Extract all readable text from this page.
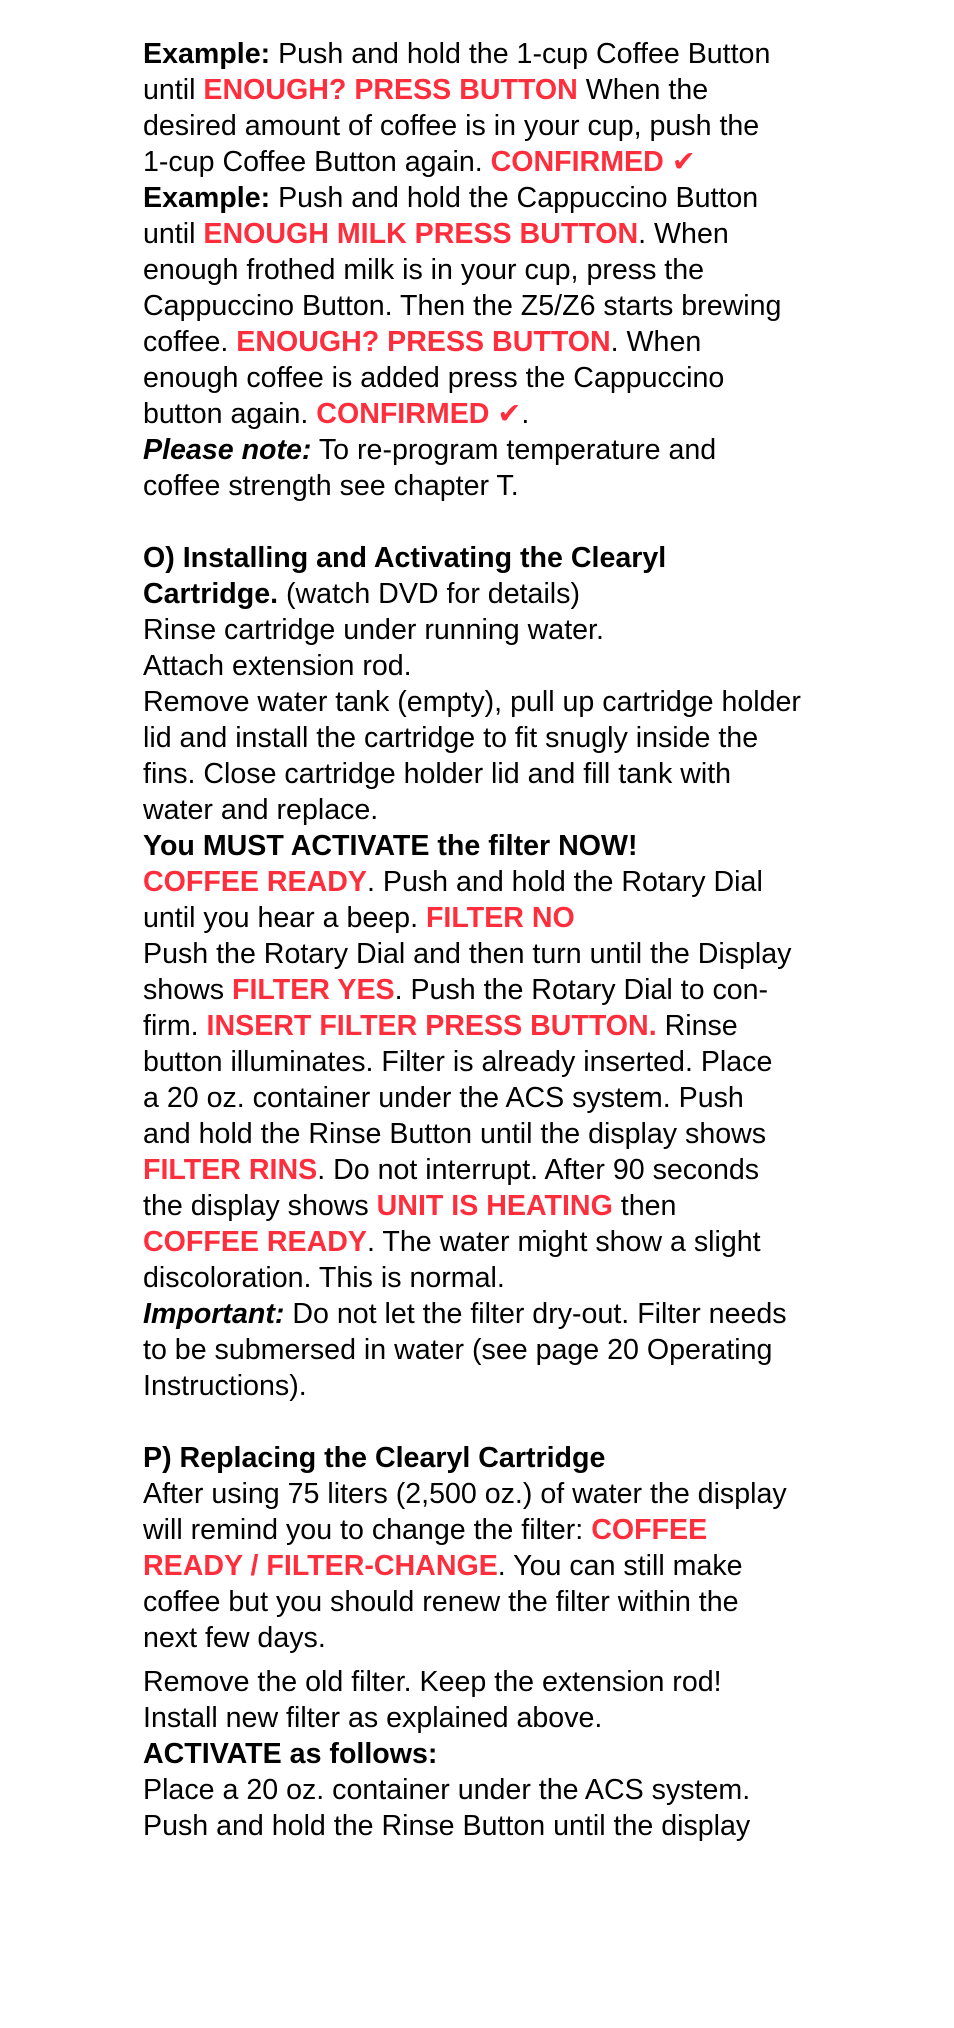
Example: Push and hold the 1-cup Coffee Button
until ENOUGH? PRESS BUTTON When the
desired amount of coffee is in your cup, push the
1-cup Coffee Button again. CONFIRMED ✔
Example: Push and hold the Cappuccino Button
until ENOUGH MILK PRESS BUTTON. When
enough frothed milk is in your cup, press the
Cappuccino Button. Then the Z5/Z6 starts brewing
coffee. ENOUGH? PRESS BUTTON. When
enough coffee is added press the Cappuccino
button again. CONFIRMED ✔.
Please note: To re-program temperature and
coffee strength see chapter T.
O) Installing and Activating the Clearyl
Cartridge. (watch DVD for details)
Rinse cartridge under running water.
Attach extension rod.
Remove water tank (empty), pull up cartridge holder
lid and install the cartridge to fit snugly inside the
fins. Close cartridge holder lid and fill tank with
water and replace.
You MUST ACTIVATE the filter NOW!
COFFEE READY. Push and hold the Rotary Dial
until you hear a beep. FILTER NO
Push the Rotary Dial and then turn until the Display
shows FILTER YES. Push the Rotary Dial to con-
firm. INSERT FILTER PRESS BUTTON. Rinse
button illuminates. Filter is already inserted. Place
a 20 oz. container under the ACS system. Push
and hold the Rinse Button until the display shows
FILTER RINS. Do not interrupt. After 90 seconds
the display shows UNIT IS HEATING then
COFFEE READY. The water might show a slight
discoloration. This is normal.
Important: Do not let the filter dry-out. Filter needs
to be submersed in water (see page 20 Operating
Instructions).
P) Replacing the Clearyl Cartridge
After using 75 liters (2,500 oz.) of water the display
will remind you to change the filter: COFFEE
READY / FILTER-CHANGE. You can still make
coffee but you should renew the filter within the
next few days.
Remove the old filter. Keep the extension rod!
Install new filter as explained above.
ACTIVATE as follows:
Place a 20 oz. container under the ACS system.
Push and hold the Rinse Button until the display
